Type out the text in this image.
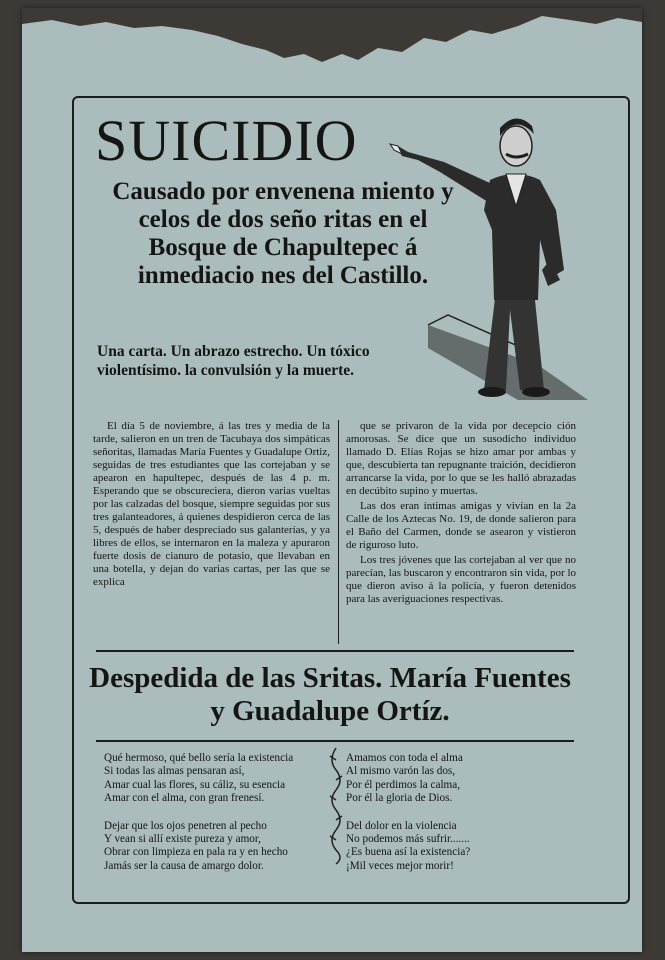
SUICIDIO

Causado por envenena miento y celos de dos seño ritas en el Bosque de Chapultepec á inmediacio nes del Castillo.

Una carta. Un abrazo estrecho. Un tóxico violentísimo. la convulsión y la muerte.

El día 5 de noviembre, á las tres y media de la tarde, salieron en un tren de Tacubaya dos simpáticas señoritas, llamadas María Fuentes y Guadalupe Ortiz, seguidas de tres estudiantes que las cortejaban y se apearon en hapultepec, después de las 4 p. m. Esperando que se obscureciera, dieron varias vueltas por las calzadas del bosque, siempre seguidas por sus tres galanteadores, á quienes despidieron cerca de las 5, después de haber despreciado sus galanterías, y ya libres de ellos, se internaron en la maleza y apuraron fuerte dosis de cianuro de potasio, que llevaban en una botella, y dejan do varias cartas, per las que se explica

que se privaron de la vida por decepcio ción amorosas. Se dice que un susodicho individuo llamado D. Elías Rojas se hizo amar por ambas y que, descubierta tan repugnante traición, decidieron arrancarse la vida, por lo que se les halló abrazadas en decúbito supino y muertas.

Las dos eran íntimas amigas y vivían en la 2a Calle de los Aztecas No. 19, de donde salieron para el Baño del Carmen, donde se asearon y vistieron de riguroso luto.

Los tres jóvenes que las cortejaban al ver que no parecían, las buscaron y encontraron sin vida, por lo que dieron aviso á la policía, y fueron detenidos para las averiguaciones respectivas.

Despedida de las Sritas. María Fuentes y Guadalupe Ortíz.
Qué hermoso, qué bello sería la existencia
Si todas las almas pensaran así,
Amar cual las flores, su cáliz, su esencia
Amar con el alma, con gran frenesí.
Dejar que los ojos penetren al pecho
Y vean si allí existe pureza y amor,
Obrar con limpieza en pala ra y en hecho
Jamás ser la causa de amargo dolor.
Amamos con toda el alma
Al mismo varón las dos,
Por él perdimos la calma,
Por él la gloria de Dios.
Del dolor en la violencia
No podemos más sufrir.......
¿Es buena así la existencia?
¡Mil veces mejor morir!
